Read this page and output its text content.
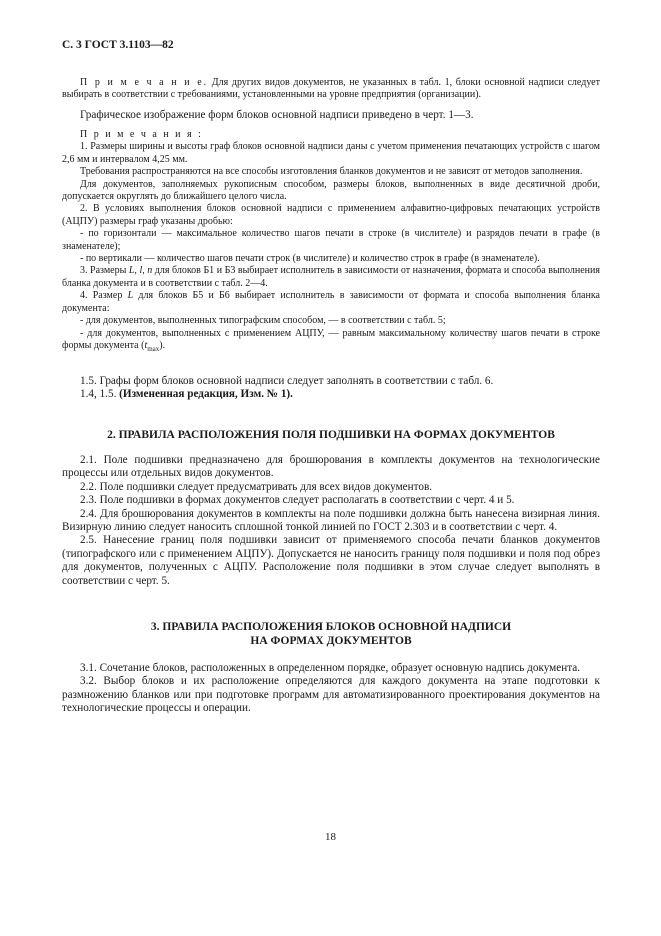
С. 3 ГОСТ 3.1103—82

П р и м е ч а н и е. Для других видов документов, не указанных в табл. 1, блоки основной надписи следует выбирать в соответствии с требованиями, установленными на уровне предприятия (организации).

Графическое изображение форм блоков основной надписи приведено в черт. 1—3.

П р и м е ч а н и я :

1. Размеры ширины и высоты граф блоков основной надписи даны с учетом применения печатающих устройств с шагом 2,6 мм и интервалом 4,25 мм.

Требования распространяются на все способы изготовления бланков документов и не зависят от методов заполнения.

Для документов, заполняемых рукописным способом, размеры блоков, выполненных в виде десятичной дроби, допускается округлять до ближайшего целого числа.

2. В условиях выполнения блоков основной надписи с применением алфавитно-цифровых печатающих устройств (АЦПУ) размеры граф указаны дробью:

- по горизонтали — максимальное количество шагов печати в строке (в числителе) и разрядов печати в графе (в знаменателе);

- по вертикали — количество шагов печати строк (в числителе) и количество строк в графе (в знаменателе).

3. Размеры L, l, n для блоков Б1 и Б3 выбирает исполнитель в зависимости от назначения, формата и способа выполнения бланка документа и в соответствии с табл. 2—4.

4. Размер L для блоков Б5 и Б6 выбирает исполнитель в зависимости от формата и способа выполнения бланка документа:

- для документов, выполненных типографским способом, — в соответствии с табл. 5;

- для документов, выполненных с применением АЦПУ, — равным максимальному количеству шагов печати в строке формы документа $(t_{max})$.

1.5. Графы форм блоков основной надписи следует заполнять в соответствии с табл. 6.

1.4, 1.5. (Измененная редакция, Изм. № 1).

2. ПРАВИЛА РАСПОЛОЖЕНИЯ ПОЛЯ ПОДШИВКИ НА ФОРМАХ ДОКУМЕНТОВ

2.1. Поле подшивки предназначено для брошюрования в комплекты документов на технологические процессы или отдельных видов документов.

2.2. Поле подшивки следует предусматривать для всех видов документов.

2.3. Поле подшивки в формах документов следует располагать в соответствии с черт. 4 и 5.

2.4. Для брошюрования документов в комплекты на поле подшивки должна быть нанесена визирная линия. Визирную линию следует наносить сплошной тонкой линией по ГОСТ 2.303 и в соответствии с черт. 4.

2.5. Нанесение границ поля подшивки зависит от применяемого способа печати бланков документов (типографского или с применением АЦПУ). Допускается не наносить границу поля подшивки и поля под обрез для документов, полученных с АЦПУ. Расположение поля подшивки в этом случае следует выполнять в соответствии с черт. 5.

3. ПРАВИЛА РАСПОЛОЖЕНИЯ БЛОКОВ ОСНОВНОЙ НАДПИСИ

НА ФОРМАХ ДОКУМЕНТОВ

3.1. Сочетание блоков, расположенных в определенном порядке, образует основную надпись документа.

3.2. Выбор блоков и их расположение определяются для каждого документа на этапе подготовки к размножению бланков или при подготовке программ для автоматизированного проектирования документов на технологические процессы и операции.

18
